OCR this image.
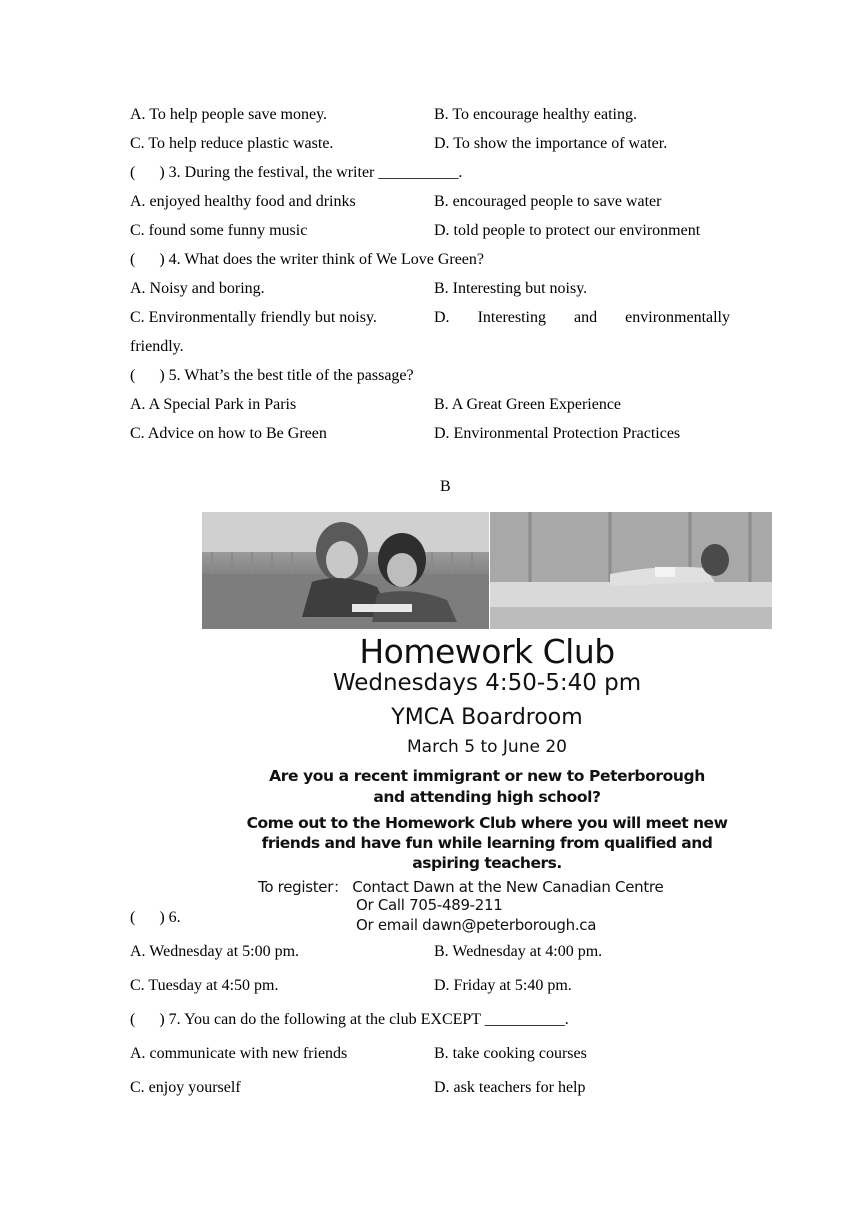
A. To help people save money.	B. To encourage healthy eating.
C. To help reduce plastic waste.	D. To show the importance of water.
(      ) 3. During the festival, the writer __________.
A. enjoyed healthy food and drinks	B. encouraged people to save water
C. found some funny music	D. told people to protect our environment
(      ) 4. What does the writer think of We Love Green?
A. Noisy and boring.	B. Interesting but noisy.
C. Environmentally friendly but noisy.	D. Interesting and environmentally
friendly.
(      ) 5. What’s the best title of the passage?
A. A Special Park in Paris	B. A Great Green Experience
C. Advice on how to Be Green	D. Environmental Protection Practices
B
Homework Club
Wednesdays 4:50-5:40 pm
YMCA Boardroom
March 5 to June 20
Are you a recent immigrant or new to Peterborough
and attending high school?
Come out to the Homework Club where you will meet new
friends and have fun while learning from qualified and
aspiring teachers.
To register： Contact Dawn at the New Canadian Centre
Or Call 705-489-211
Or email dawn@peterborough.ca
(      ) 6.
A. Wednesday at 5:00 pm.	B. Wednesday at 4:00 pm.
C. Tuesday at 4:50 pm.	D. Friday at 5:40 pm.
(      ) 7. You can do the following at the club EXCEPT __________.
A. communicate with new friends	B. take cooking courses
C. enjoy yourself	D. ask teachers for help
